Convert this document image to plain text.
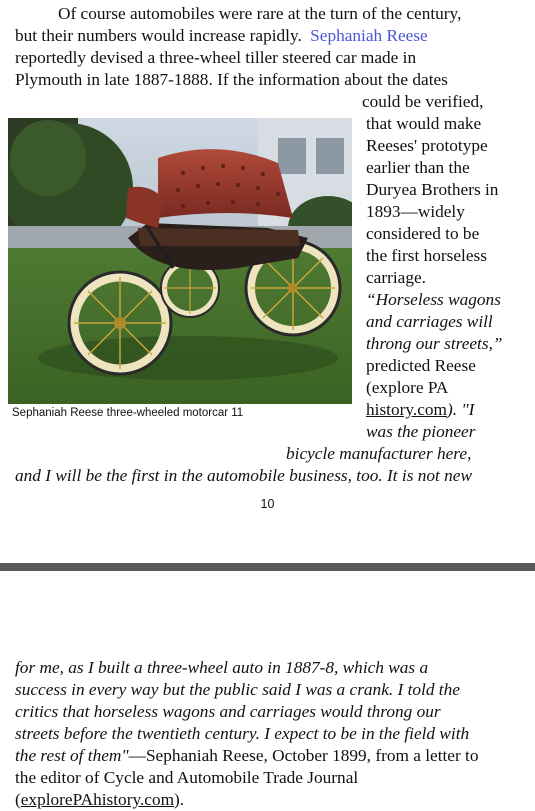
Of course automobiles were rare at the turn of the century,
but their numbers would increase rapidly. Sephaniah Reese
reportedly devised a three-wheel tiller steered car made in
Plymouth in late 1887-1888. If the information about the dates
could be verified,
that would make
Reeses' prototype
earlier than the
Duryea Brothers in
1893—widely
considered to be
the first horseless
carriage.
“Horseless wagons
and carriages will
throng our streets,”
predicted Reese
(explore PA
history.com). "I
was the pioneer
bicycle manufacturer here,
and I will be the first in the automobile business, too. It is not new
Sephaniah Reese three-wheeled motorcar 11
10
for me, as I built a three-wheel auto in 1887-8, which was a
success in every way but the public said I was a crank. I told the
critics that horseless wagons and carriages would throng our
streets before the twentieth century. I expect to be in the field with
the rest of them"—Sephaniah Reese, October 1899, from a letter to
the editor of Cycle and Automobile Trade Journal
(explorePAhistory.com).
